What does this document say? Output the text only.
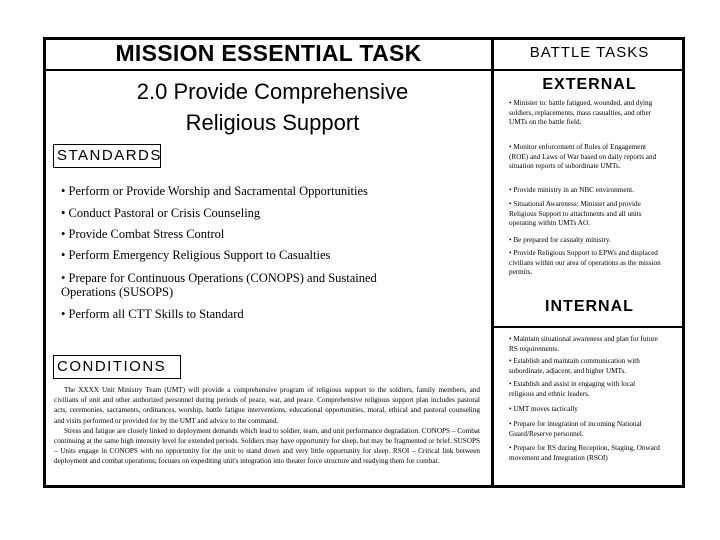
MISSION ESSENTIAL TASK
2.0 Provide Comprehensive
Religious Support
STANDARDS
• Perform or Provide Worship and Sacramental Opportunities
• Conduct Pastoral or Crisis Counseling
• Provide Combat Stress Control
• Perform Emergency Religious Support to Casualties
• Prepare for Continuous Operations (CONOPS) and Sustained Operations (SUSOPS)
• Perform all CTT Skills to Standard
CONDITIONS

The XXXX Unit Ministry Team (UMT) will provide a comprehensive program of religious support to the soldiers, family members, and civilians of unit and other authorized personnel during periods of peace, war, and peace. Comprehensive religious support plan includes pastoral acts, ceremonies, sacraments, ordinances, worship, battle fatigue interventions, educational opportunities, moral, ethical and pastoral counseling and visits performed or provided for by the UMT and advice to the command.

Stress and fatigue are closely linked to deployment demands which lead to soldier, team, and unit performance degradation. CONOPS – Combat continuing at the same high intensity level for extended periods. Soldiers may have opportunity for sleep, but may be fragmented or brief. SUSOPS – Units engage in CONOPS with no opportunity for the unit to stand down and very little opportunity for sleep. RSOI – Critical link between deployment and combat operations; focuses on expediting unit's integration into theater force structure and readying them for combat.

BATTLE TASKS
EXTERNAL
• Minister to: battle fatigued, wounded, and dying soldiers, replacements, mass casualties, and other UMTs on the battle field.
• Monitor enforcement of Rules of Engagement (ROE) and Laws of War based on daily reports and situation reports of subordinate UMTs.
• Provide ministry in an NBC environment.
• Situational Awareness: Minister and provide Religious Support to attachments and all units operating within UMTs AO.
• Be prepared for casualty ministry.
• Provide Religious Support to EPWs and displaced civilians within our area of operations as the mission permits.
INTERNAL
• Maintain situational awareness and plan for future RS requirements.
• Establish and maintain communication with subordinate, adjacent, and higher UMTs.
• Establish and assist in engaging with local religious and ethnic leaders.
• UMT moves tactically
• Prepare for integration of incoming National Guard/Reserve personnel.
• Prepare for RS during Reception, Staging, Onward movement and Integration (RSOI)
